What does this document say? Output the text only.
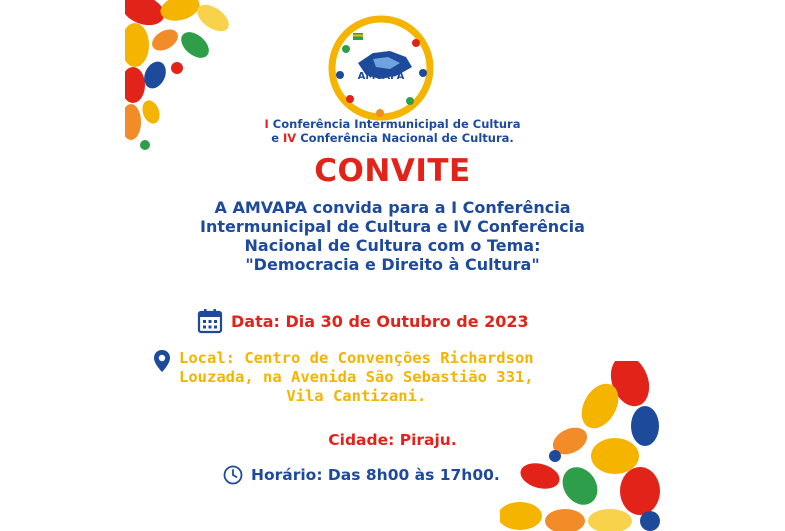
AMVAPA
I Conferência Intermunicipal de Cultura
e IV Conferência Nacional de Cultura.
CONVITE
A AMVAPA convida para a I Conferência
Intermunicipal de Cultura e IV Conferência
Nacional de Cultura com o Tema:
"Democracia e Direito à Cultura"
Data: Dia 30 de Outubro de 2023
Local: Centro de Convenções Richardson
Louzada, na Avenida São Sebastião 331,
Vila Cantizani.
Cidade: Piraju.
Horário: Das 8h00 às 17h00.
